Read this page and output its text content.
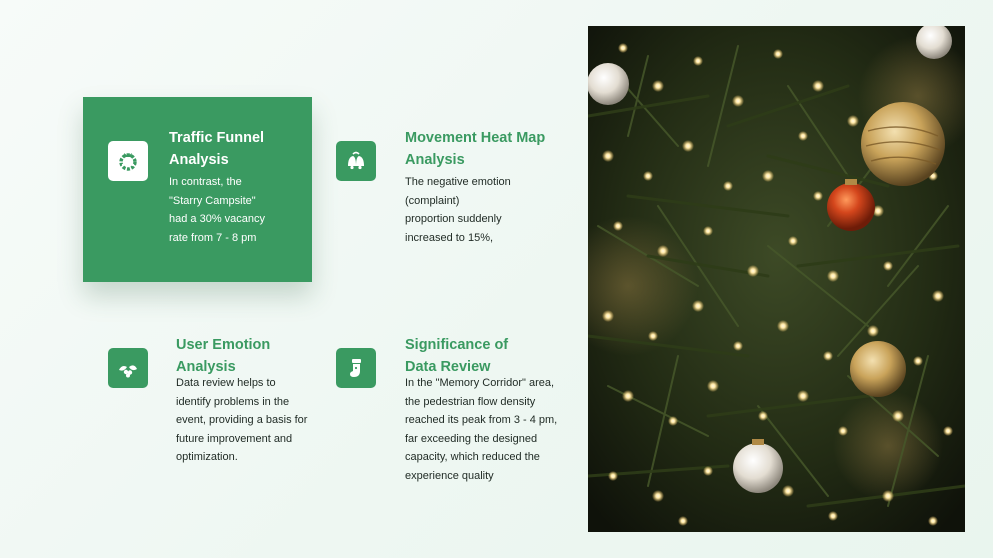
Traffic Funnel
Analysis

In contrast, the
"Starry Campsite"
had a 30% vacancy
rate from 7 - 8 pm

Movement Heat Map
Analysis

The negative emotion
(complaint)
proportion suddenly
increased to 15%,

User Emotion
Analysis

Data review helps to
identify problems in the
event, providing a basis for
future improvement and
optimization.

Significance of
Data Review

In the "Memory Corridor" area,
the pedestrian flow density
reached its peak from 3 - 4 pm,
far exceeding the designed
capacity, which reduced the
experience quality
